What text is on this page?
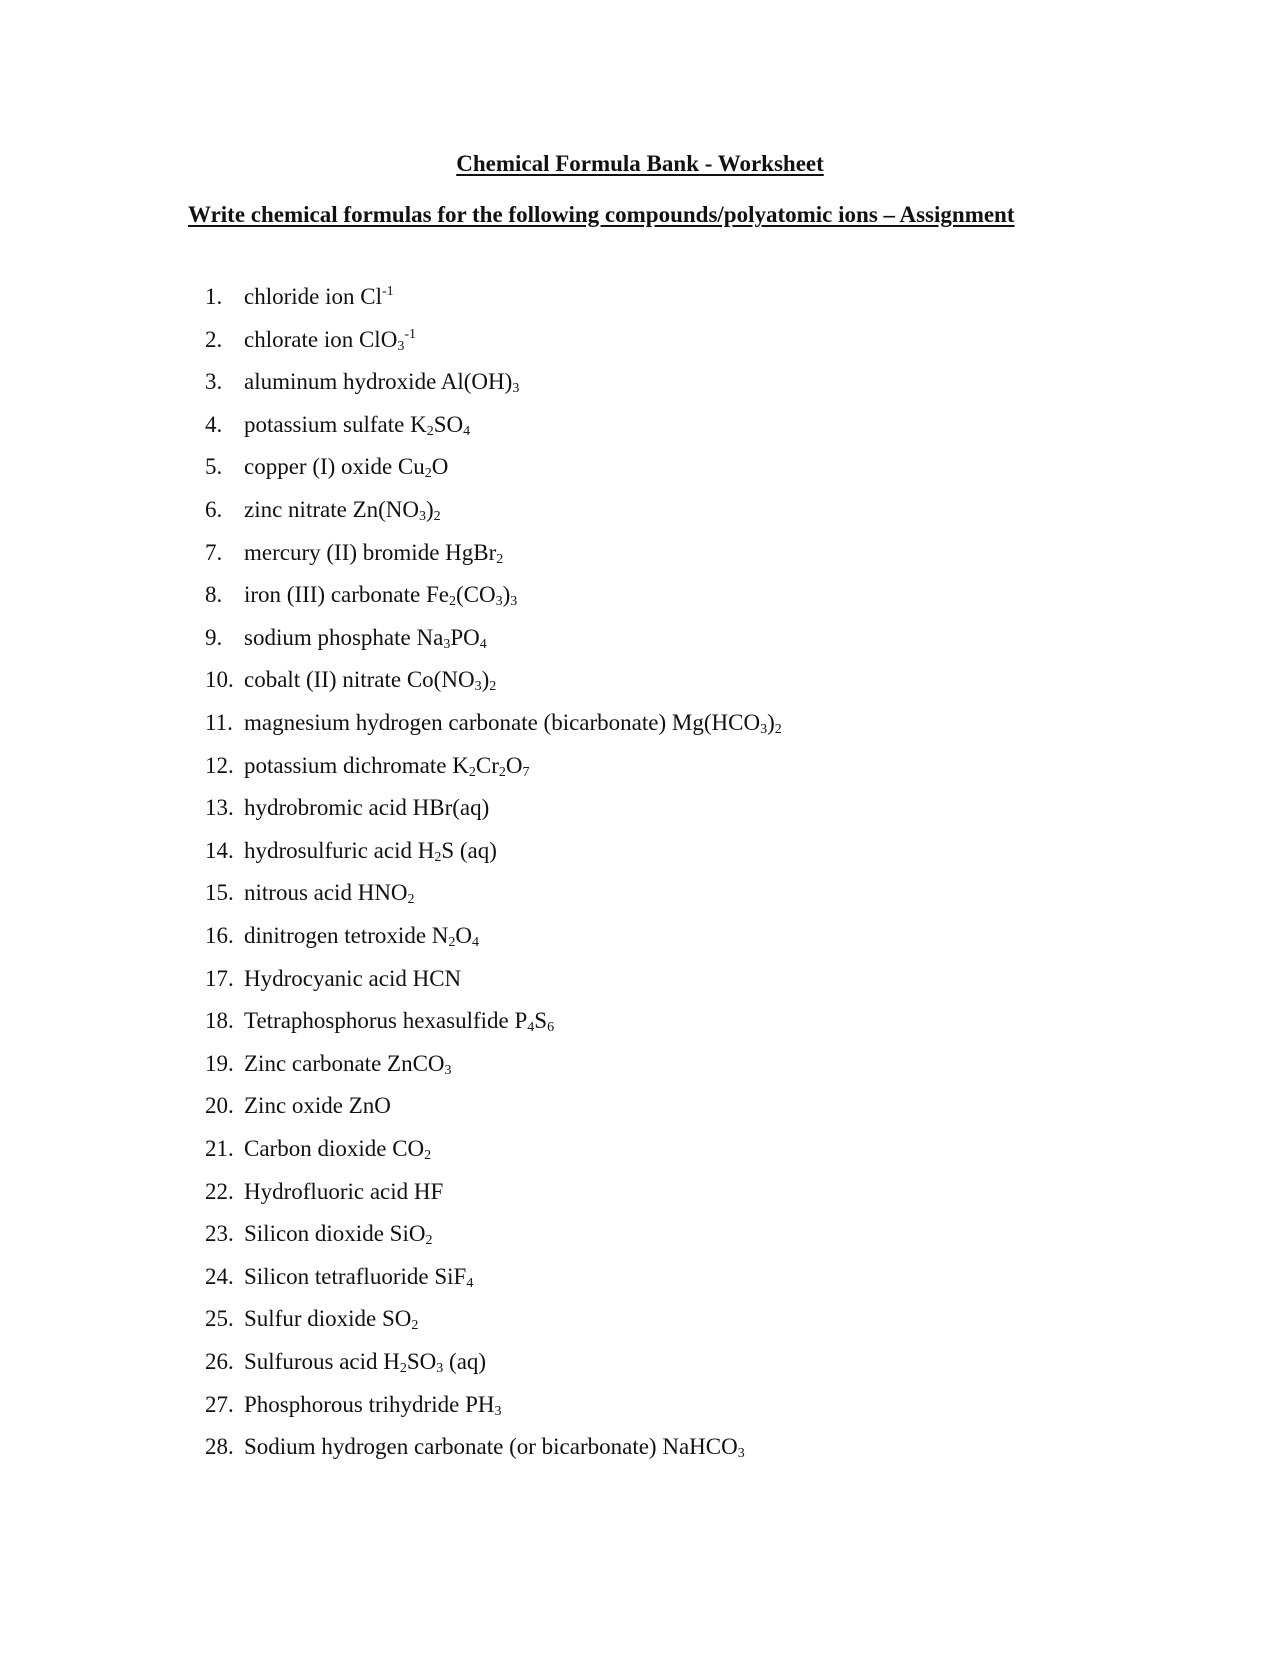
Chemical Formula Bank - Worksheet
Write chemical formulas for the following compounds/polyatomic ions – Assignment
1. chloride ion $Cl^{-1}$
2. chlorate ion ClO$_3^{-1}$
3. aluminum hydroxide $Al(OH)_3$
4. potassium sulfate $K_2SO_4$
5. copper (I) oxide $Cu_2O$
6. zinc nitrate $Zn(NO_3)_2$
7. mercury (II) bromide HgBr$_2$
8. iron (III) carbonate $Fe_2(CO_3)_3$
9. sodium phosphate $Na_3PO_4$
10. cobalt (II) nitrate $Co(NO_3)_2$
11. magnesium hydrogen carbonate (bicarbonate) $Mg(HCO_3)_2$
12. potassium dichromate $K_2Cr_2O_7$
13. hydrobromic acid HBr(aq)
14. hydrosulfuric acid $H_2S$ (aq)
15. nitrous acid $HNO_2$
16. dinitrogen tetroxide $N_2O_4$
17. Hydrocyanic acid HCN
18. Tetraphosphorus hexasulfide $P_4S_6$
19. Zinc carbonate ZnCO$_3$
20. Zinc oxide ZnO
21. Carbon dioxide $CO_2$
22. Hydrofluoric acid HF
23. Silicon dioxide SiO$_2$
24. Silicon tetrafluoride SiF$_4$
25. Sulfur dioxide $SO_2$
26. Sulfurous acid $H_2SO_3$ (aq)
27. Phosphorous trihydride $PH_3$
28. Sodium hydrogen carbonate (or bicarbonate) NaHCO$_3$
